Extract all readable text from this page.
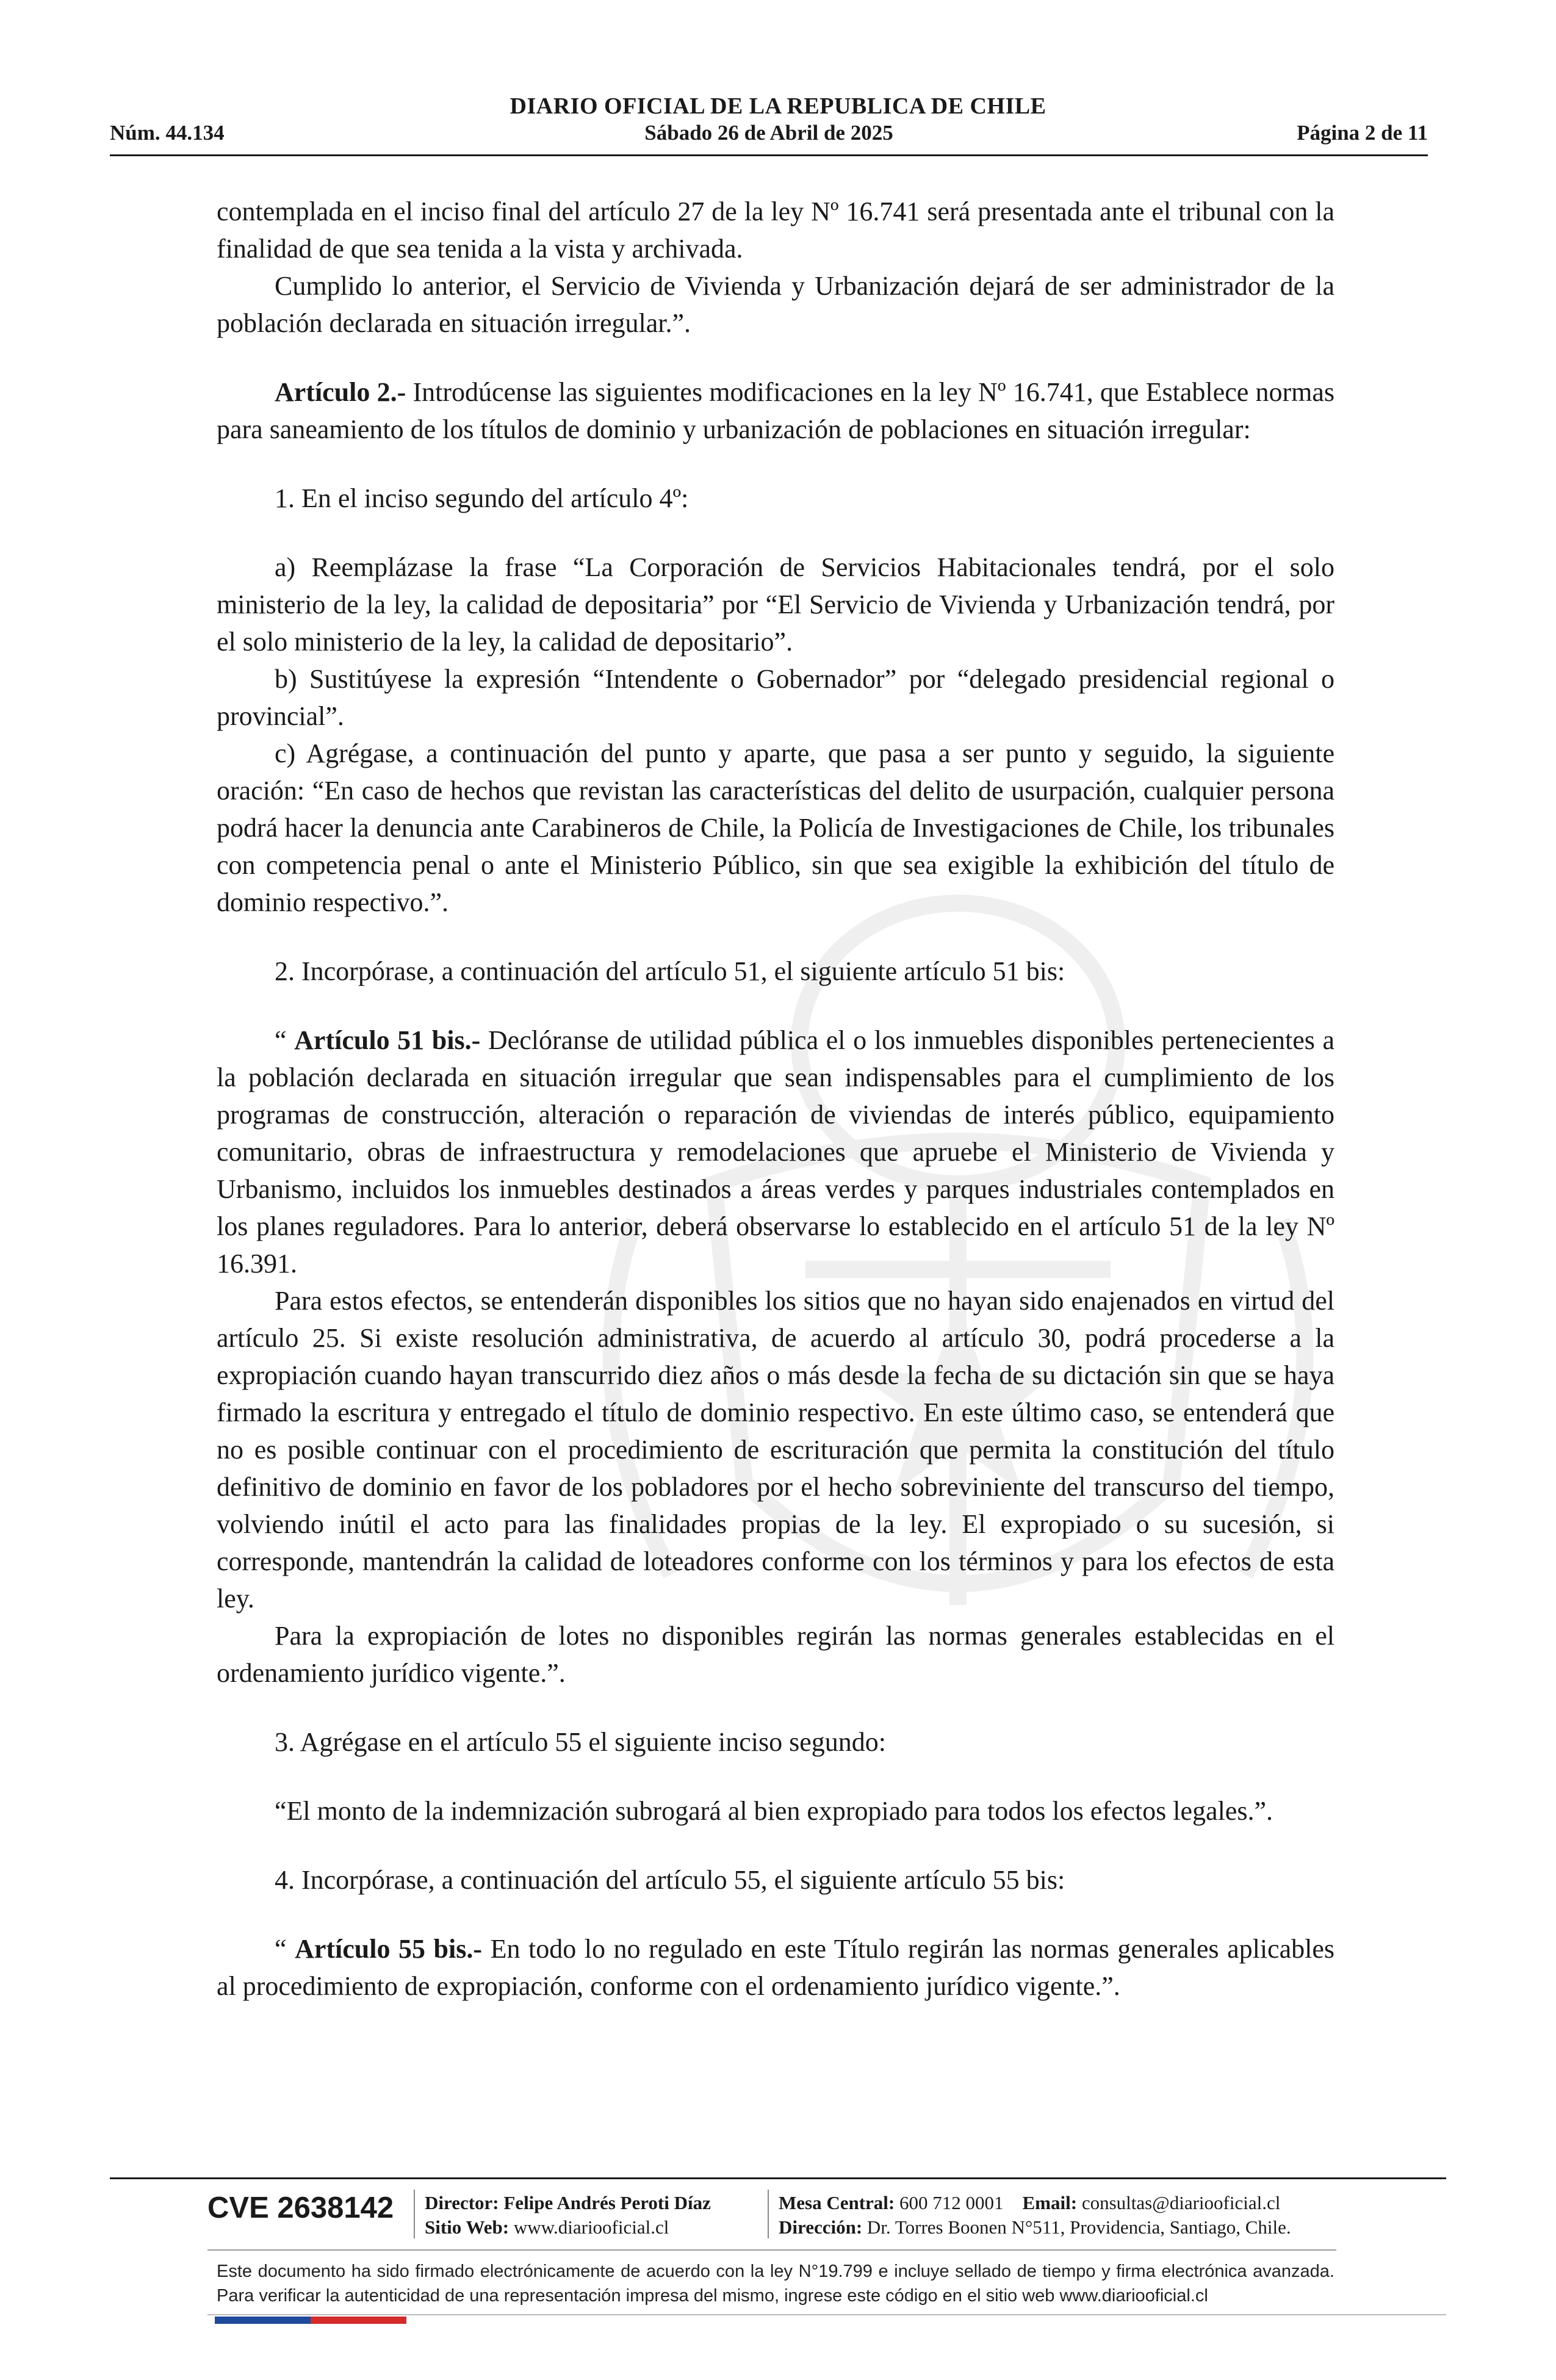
DIARIO OFICIAL DE LA REPUBLICA DE CHILE
Sábado 26 de Abril de 2025
Núm. 44.134	Página 2 de 11

contemplada en el inciso final del artículo 27 de la ley Nº 16.741 será presentada ante el tribunal con la finalidad de que sea tenida a la vista y archivada.

Cumplido lo anterior, el Servicio de Vivienda y Urbanización dejará de ser administrador de la población declarada en situación irregular.”.

Artículo 2.- Introdúcense las siguientes modificaciones en la ley Nº 16.741, que Establece normas para saneamiento de los títulos de dominio y urbanización de poblaciones en situación irregular:

1. En el inciso segundo del artículo 4º:

a) Reemplázase la frase “La Corporación de Servicios Habitacionales tendrá, por el solo ministerio de la ley, la calidad de depositaria” por “El Servicio de Vivienda y Urbanización tendrá, por el solo ministerio de la ley, la calidad de depositario”.

b) Sustitúyese la expresión “Intendente o Gobernador” por “delegado presidencial regional o provincial”.

c) Agrégase, a continuación del punto y aparte, que pasa a ser punto y seguido, la siguiente oración: “En caso de hechos que revistan las características del delito de usurpación, cualquier persona podrá hacer la denuncia ante Carabineros de Chile, la Policía de Investigaciones de Chile, los tribunales con competencia penal o ante el Ministerio Público, sin que sea exigible la exhibición del título de dominio respectivo.”.

2. Incorpórase, a continuación del artículo 51, el siguiente artículo 51 bis:

“ Artículo 51 bis.- Declóranse de utilidad pública el o los inmuebles disponibles pertenecientes a la población declarada en situación irregular que sean indispensables para el cumplimiento de los programas de construcción, alteración o reparación de viviendas de interés público, equipamiento comunitario, obras de infraestructura y remodelaciones que apruebe el Ministerio de Vivienda y Urbanismo, incluidos los inmuebles destinados a áreas verdes y parques industriales contemplados en los planes reguladores. Para lo anterior, deberá observarse lo establecido en el artículo 51 de la ley Nº 16.391.

Para estos efectos, se entenderán disponibles los sitios que no hayan sido enajenados en virtud del artículo 25. Si existe resolución administrativa, de acuerdo al artículo 30, podrá procederse a la expropiación cuando hayan transcurrido diez años o más desde la fecha de su dictación sin que se haya firmado la escritura y entregado el título de dominio respectivo. En este último caso, se entenderá que no es posible continuar con el procedimiento de escrituración que permita la constitución del título definitivo de dominio en favor de los pobladores por el hecho sobreviniente del transcurso del tiempo, volviendo inútil el acto para las finalidades propias de la ley. El expropiado o su sucesión, si corresponde, mantendrán la calidad de loteadores conforme con los términos y para los efectos de esta ley.

Para la expropiación de lotes no disponibles regirán las normas generales establecidas en el ordenamiento jurídico vigente.”.

3. Agrégase en el artículo 55 el siguiente inciso segundo:

“El monto de la indemnización subrogará al bien expropiado para todos los efectos legales.”.

4. Incorpórase, a continuación del artículo 55, el siguiente artículo 55 bis:

“ Artículo 55 bis.- En todo lo no regulado en este Título regirán las normas generales aplicables al procedimiento de expropiación, conforme con el ordenamiento jurídico vigente.”.

CVE 2638142 Director: Felipe Andrés Peroti Díaz
Sitio Web: www.diariooficial.cl
Mesa Central: 600 712 0001 Email: consultas@diariooficial.cl
Dirección: Dr. Torres Boonen N°511, Providencia, Santiago, Chile.
Este documento ha sido firmado electrónicamente de acuerdo con la ley N°19.799 e incluye sellado de tiempo y firma electrónica avanzada. Para verificar la autenticidad de una representación impresa del mismo, ingrese este código en el sitio web www.diariooficial.cl
